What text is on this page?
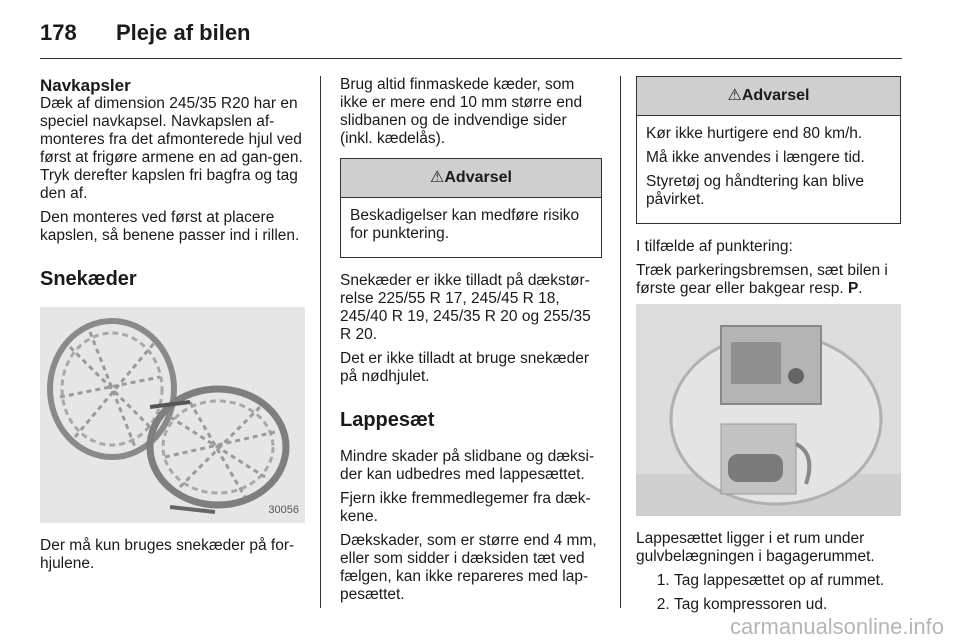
178 Pleje af bilen
Navkapsler

Dæk af dimension 245/35 R20 har en speciel navkapsel. Navkapslen af-monteres fra det afmonterede hjul ved først at frigøre armene en ad gan-gen. Tryk derefter kapslen fri bagfra og tag den af.

Den monteres ved først at placere kapslen, så benene passer ind i rillen.

Snekæder
30056

Der må kun bruges snekæder på for-hjulene.

Brug altid finmaskede kæder, som ikke er mere end 10 mm større end slidbanen og de indvendige sider (inkl. kædelås).

⚠Advarsel

Beskadigelser kan medføre risiko for punktering.

Snekæder er ikke tilladt på dækstør-relse 225/55 R 17, 245/45 R 18, 245/40 R 19, 245/35 R 20 og 255/35 R 20.

Det er ikke tilladt at bruge snekæder på nødhjulet.

Lappesæt

Mindre skader på slidbane og dæksi-der kan udbedres med lappesættet.

Fjern ikke fremmedlegemer fra dæk-kene.

Dækskader, som er større end 4 mm, eller som sidder i dæksiden tæt ved fælgen, kan ikke repareres med lap-pesættet.

⚠Advarsel

Kør ikke hurtigere end 80 km/h.

Må ikke anvendes i længere tid.

Styretøj og håndtering kan blive påvirket.

I tilfælde af punktering:

Træk parkeringsbremsen, sæt bilen i første gear eller bakgear resp. P.

Lappesættet ligger i et rum under gulvbelægningen i bagagerummet.

1. Tag lappesættet op af rummet.
2. Tag kompressoren ud.
carmanualsonline.info
